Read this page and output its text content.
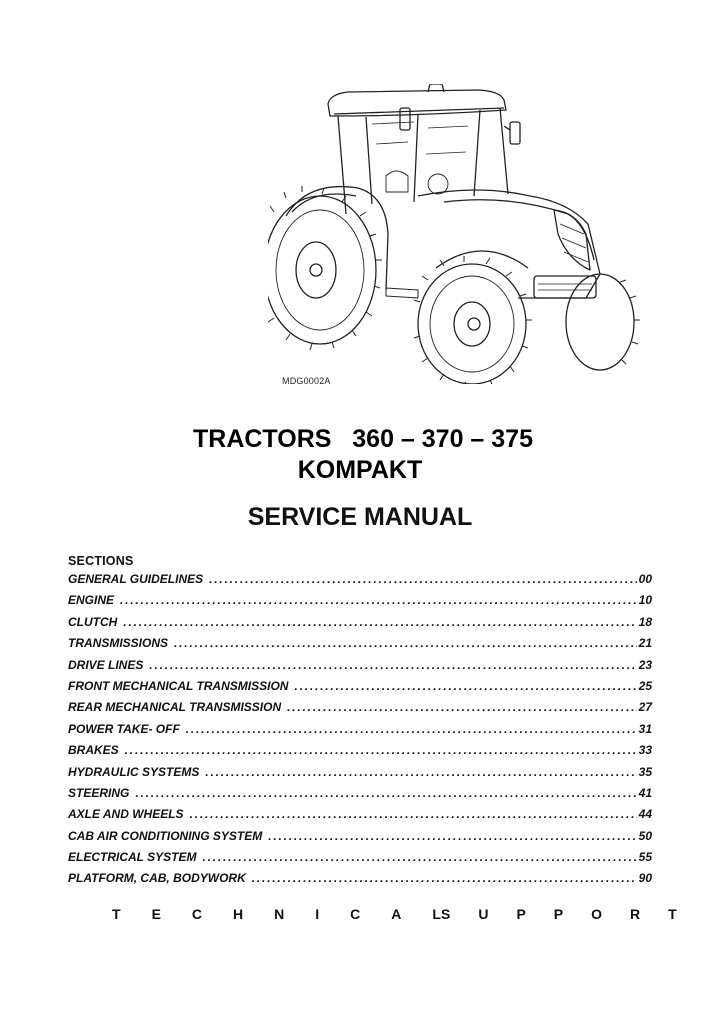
MDG0002A
TRACTORS   360 – 370 – 375
KOMPAKT
SERVICE MANUAL
SECTIONS
GENERAL GUIDELINES .....	00
ENGINE .....	10
CLUTCH .....	18
TRANSMISSIONS .....	21
DRIVE LINES .....	23
FRONT MECHANICAL TRANSMISSION .....	25
REAR MECHANICAL TRANSMISSION .....	27
POWER TAKE- OFF .....	31
BRAKES .....	33
HYDRAULIC SYSTEMS .....	35
STEERING .....	41
AXLE AND WHEELS .....	44
CAB AIR CONDITIONING SYSTEM .....	50
ELECTRICAL SYSTEM .....	55
PLATFORM, CAB, BODYWORK .....	90
T E C H N I C A L S U P P O R T
